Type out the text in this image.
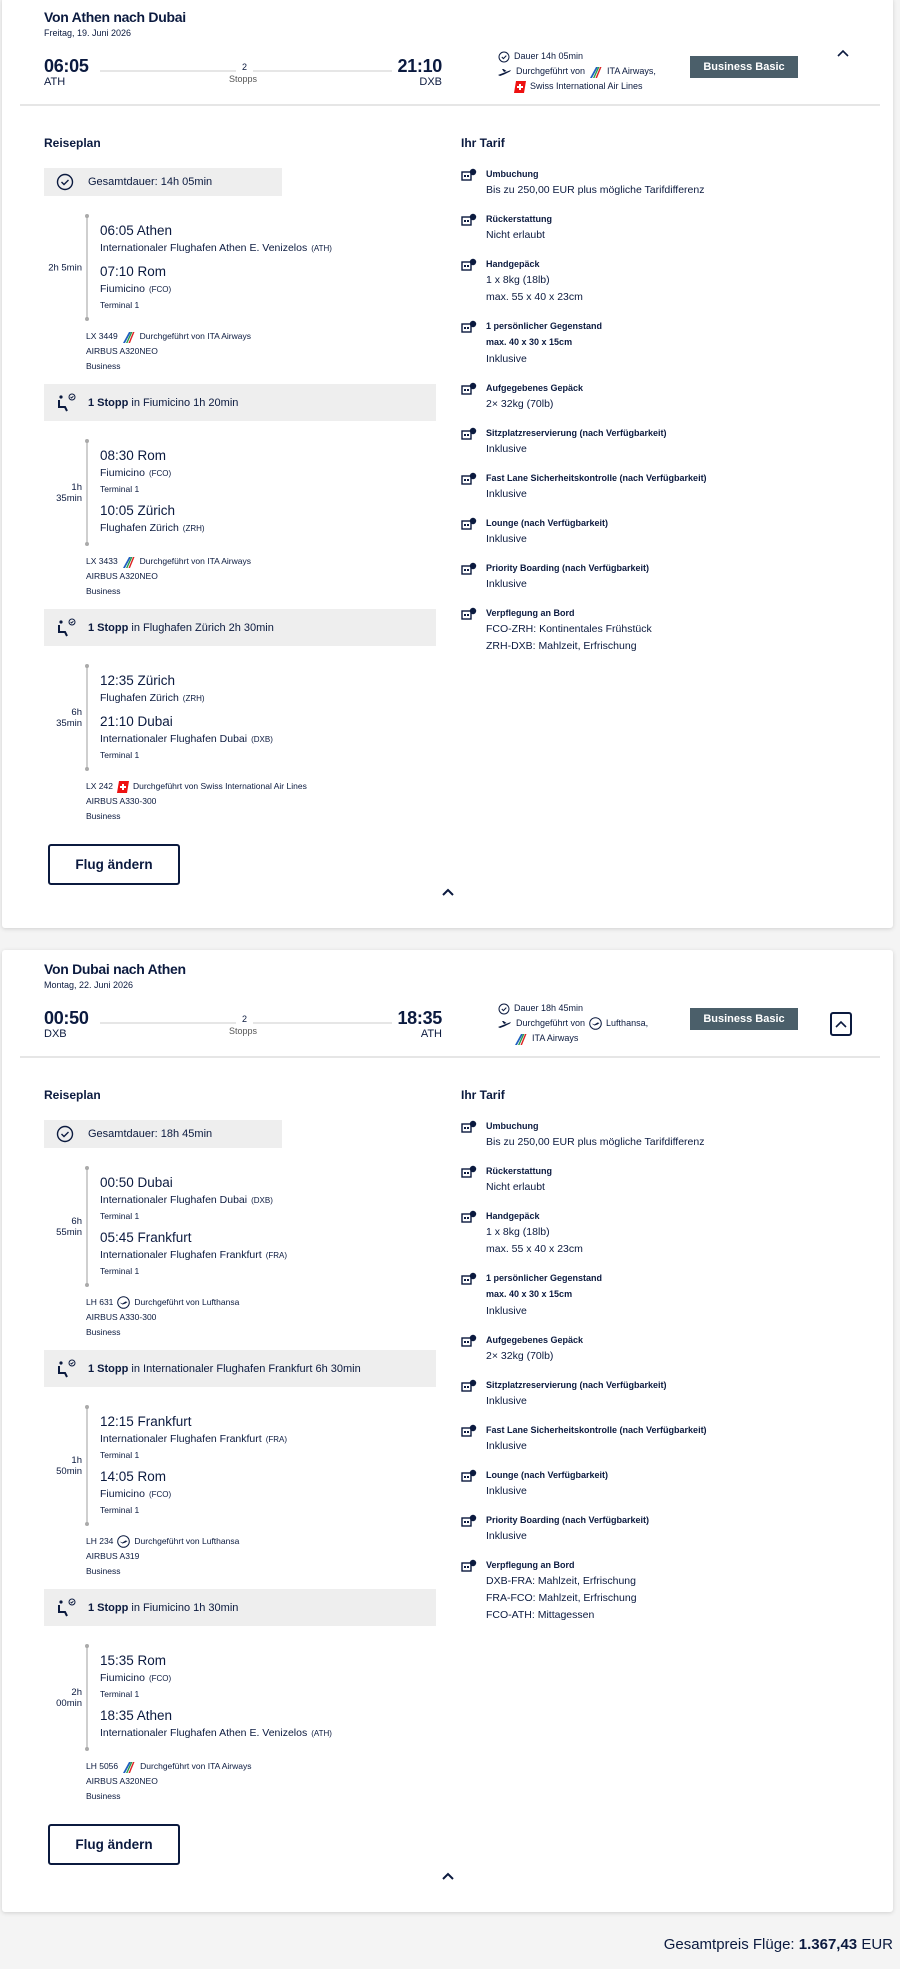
Von Athen nach Dubai
Freitag, 19. Juni 2026
06:05
ATH
2
Stopps
21:10
DXB
Dauer 14h 05min
Durchgeführt von ITA Airways,
Swiss International Air Lines
Business Basic
Reiseplan
Gesamtdauer: 14h 05min
2h 5min
06:05 Athen
Internationaler Flughafen Athen E. Venizelos (ATH)
07:10 Rom
Fiumicino (FCO)
Terminal 1
LX 3449	Durchgeführt von ITA Airways
AIRBUS A320NEO
Business
1 Stopp in Fiumicino 1h 20min
1h 35min
08:30 Rom
Fiumicino (FCO)
Terminal 1
10:05 Zürich
Flughafen Zürich (ZRH)
LX 3433	Durchgeführt von ITA Airways
AIRBUS A320NEO
Business
1 Stopp in Flughafen Zürich 2h 30min
6h 35min
12:35 Zürich
Flughafen Zürich (ZRH)
21:10 Dubai
Internationaler Flughafen Dubai (DXB)
Terminal 1
LX 242 Durchgeführt von Swiss International Air Lines
AIRBUS A330-300
Business
Flug ändern
Ihr Tarif
Umbuchung
Bis zu 250,00 EUR plus mögliche Tarifdifferenz
Rückerstattung
Nicht erlaubt
Handgepäck
1 x 8kg (18lb)
max. 55 x 40 x 23cm
1 persönlicher Gegenstand
max. 40 x 30 x 15cm
Inklusive
Aufgegebenes Gepäck
2× 32kg (70lb)
Sitzplatzreservierung (nach Verfügbarkeit)
Inklusive
Fast Lane Sicherheitskontrolle (nach Verfügbarkeit)
Inklusive
Lounge (nach Verfügbarkeit)
Inklusive
Priority Boarding (nach Verfügbarkeit)
Inklusive
Verpflegung an Bord
FCO-ZRH: Kontinentales Frühstück
ZRH-DXB: Mahlzeit, Erfrischung
Von Dubai nach Athen
Montag, 22. Juni 2026
00:50
DXB
2
Stopps
18:35
ATH
Dauer 18h 45min
Durchgeführt von Lufthansa,
ITA Airways
Business Basic
Reiseplan
Gesamtdauer: 18h 45min
6h 55min
00:50 Dubai
Internationaler Flughafen Dubai (DXB)
Terminal 1
05:45 Frankfurt
Internationaler Flughafen Frankfurt (FRA)
Terminal 1
LH 631 Durchgeführt von Lufthansa
AIRBUS A330-300
Business
1 Stopp in Internationaler Flughafen Frankfurt 6h 30min
1h 50min
12:15 Frankfurt
Internationaler Flughafen Frankfurt (FRA)
Terminal 1
14:05 Rom
Fiumicino (FCO)
Terminal 1
LH 234 Durchgeführt von Lufthansa
AIRBUS A319
Business
1 Stopp in Fiumicino 1h 30min
2h 00min
15:35 Rom
Fiumicino (FCO)
Terminal 1
18:35 Athen
Internationaler Flughafen Athen E. Venizelos (ATH)
LH 5056	Durchgeführt von ITA Airways
AIRBUS A320NEO
Business
Flug ändern
Ihr Tarif
Umbuchung
Bis zu 250,00 EUR plus mögliche Tarifdifferenz
Rückerstattung
Nicht erlaubt
Handgepäck
1 x 8kg (18lb)
max. 55 x 40 x 23cm
1 persönlicher Gegenstand
max. 40 x 30 x 15cm
Inklusive
Aufgegebenes Gepäck
2× 32kg (70lb)
Sitzplatzreservierung (nach Verfügbarkeit)
Inklusive
Fast Lane Sicherheitskontrolle (nach Verfügbarkeit)
Inklusive
Lounge (nach Verfügbarkeit)
Inklusive
Priority Boarding (nach Verfügbarkeit)
Inklusive
Verpflegung an Bord
DXB-FRA: Mahlzeit, Erfrischung
FRA-FCO: Mahlzeit, Erfrischung
FCO-ATH: Mittagessen
Gesamtpreis Flüge: 1.367,43 EUR
